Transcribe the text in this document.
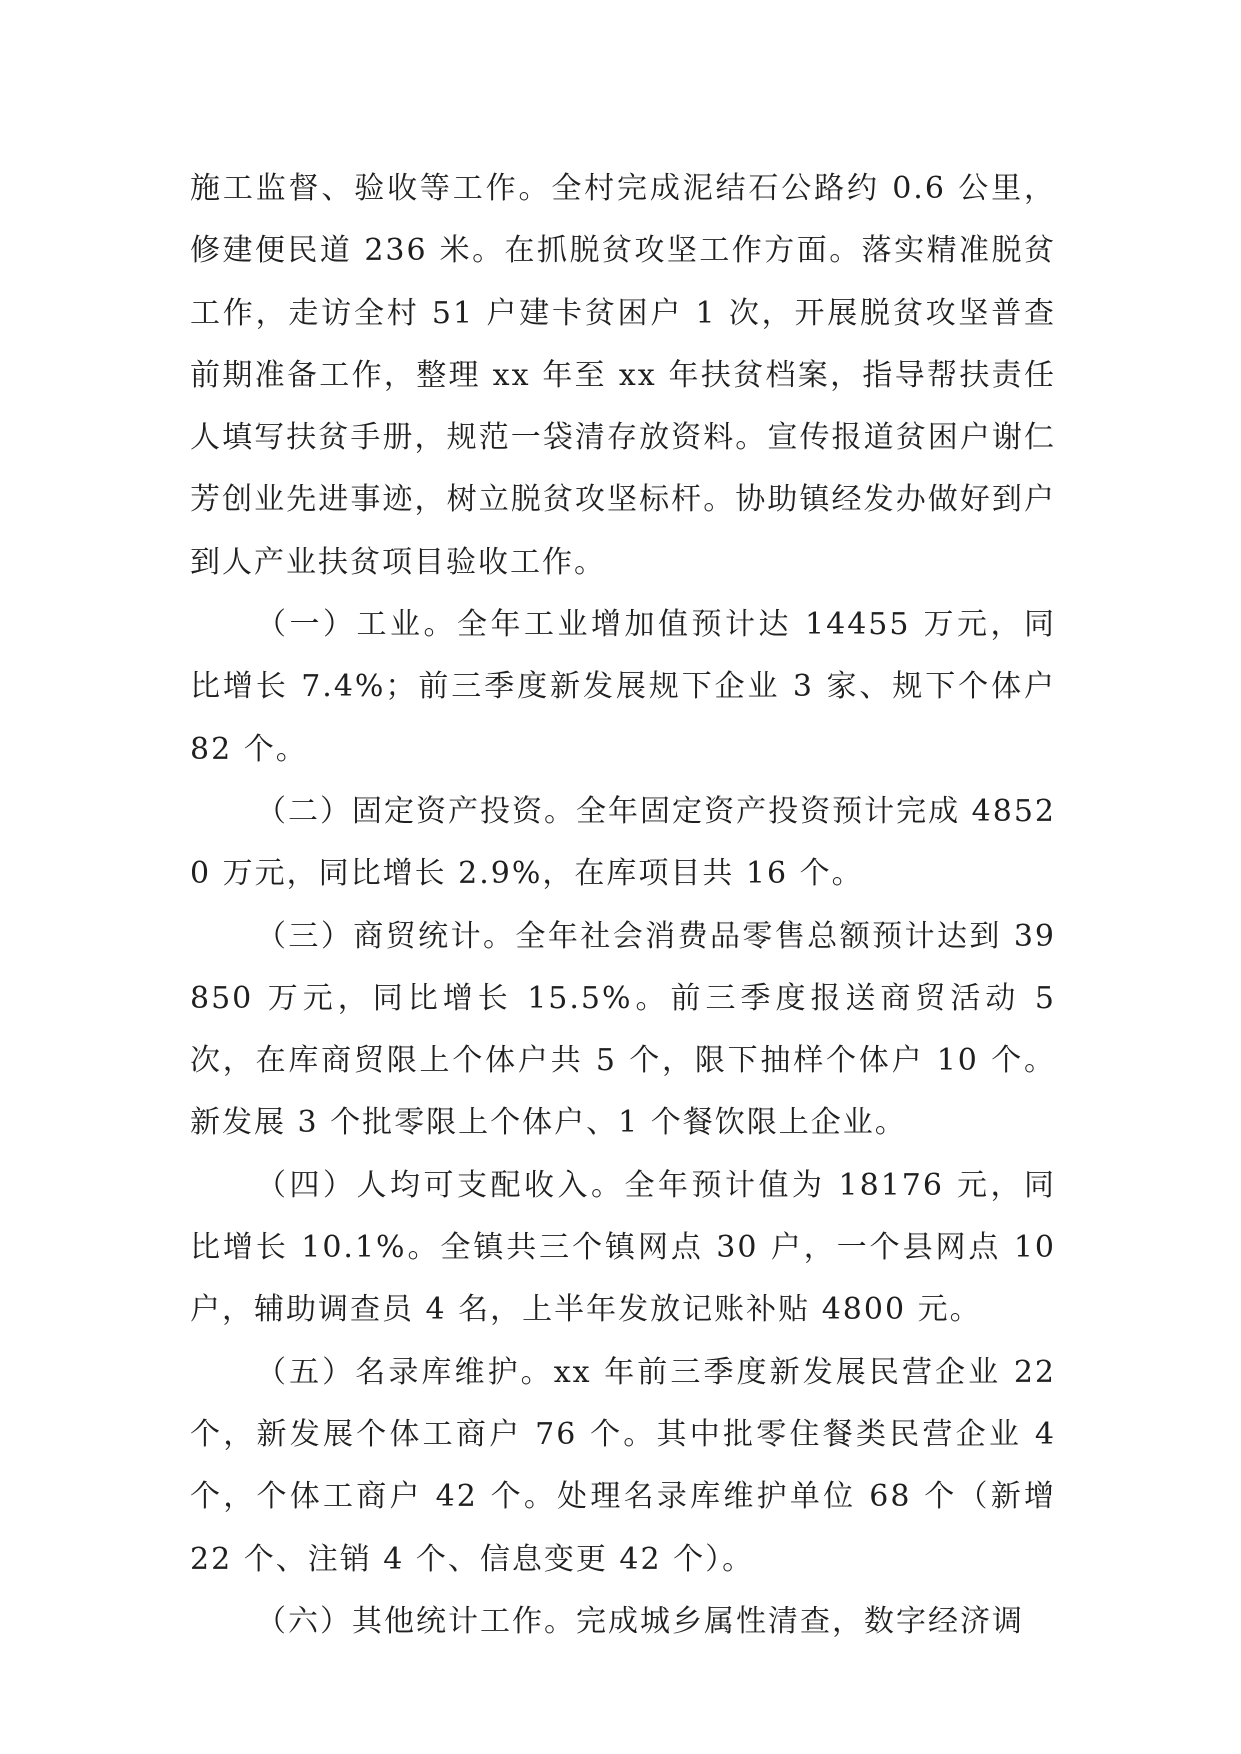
施工监督、验收等工作。全村完成泥结石公路约 0.6 公里，修建便民道 236 米。在抓脱贫攻坚工作方面。落实精准脱贫工作，走访全村 51 户建卡贫困户 1 次，开展脱贫攻坚普查前期准备工作，整理 xx 年至 xx 年扶贫档案，指导帮扶责任人填写扶贫手册，规范一袋清存放资料。宣传报道贫困户谢仁芳创业先进事迹，树立脱贫攻坚标杆。协助镇经发办做好到户到人产业扶贫项目验收工作。

（一）工业。全年工业增加值预计达 14455 万元，同比增长 7.4%；前三季度新发展规下企业 3 家、规下个体户 82 个。

（二）固定资产投资。全年固定资产投资预计完成 48520 万元，同比增长 2.9%，在库项目共 16 个。

（三）商贸统计。全年社会消费品零售总额预计达到 39850 万元，同比增长 15.5%。前三季度报送商贸活动 5 次，在库商贸限上个体户共 5 个，限下抽样个体户 10 个。新发展 3 个批零限上个体户、1 个餐饮限上企业。

（四）人均可支配收入。全年预计值为 18176 元，同比增长 10.1%。全镇共三个镇网点 30 户，一个县网点 10 户，辅助调查员 4 名，上半年发放记账补贴 4800 元。

（五）名录库维护。xx 年前三季度新发展民营企业 22 个，新发展个体工商户 76 个。其中批零住餐类民营企业 4 个，个体工商户 42 个。处理名录库维护单位 68 个（新增 22 个、注销 4 个、信息变更 42 个）。

（六）其他统计工作。完成城乡属性清查，数字经济调
